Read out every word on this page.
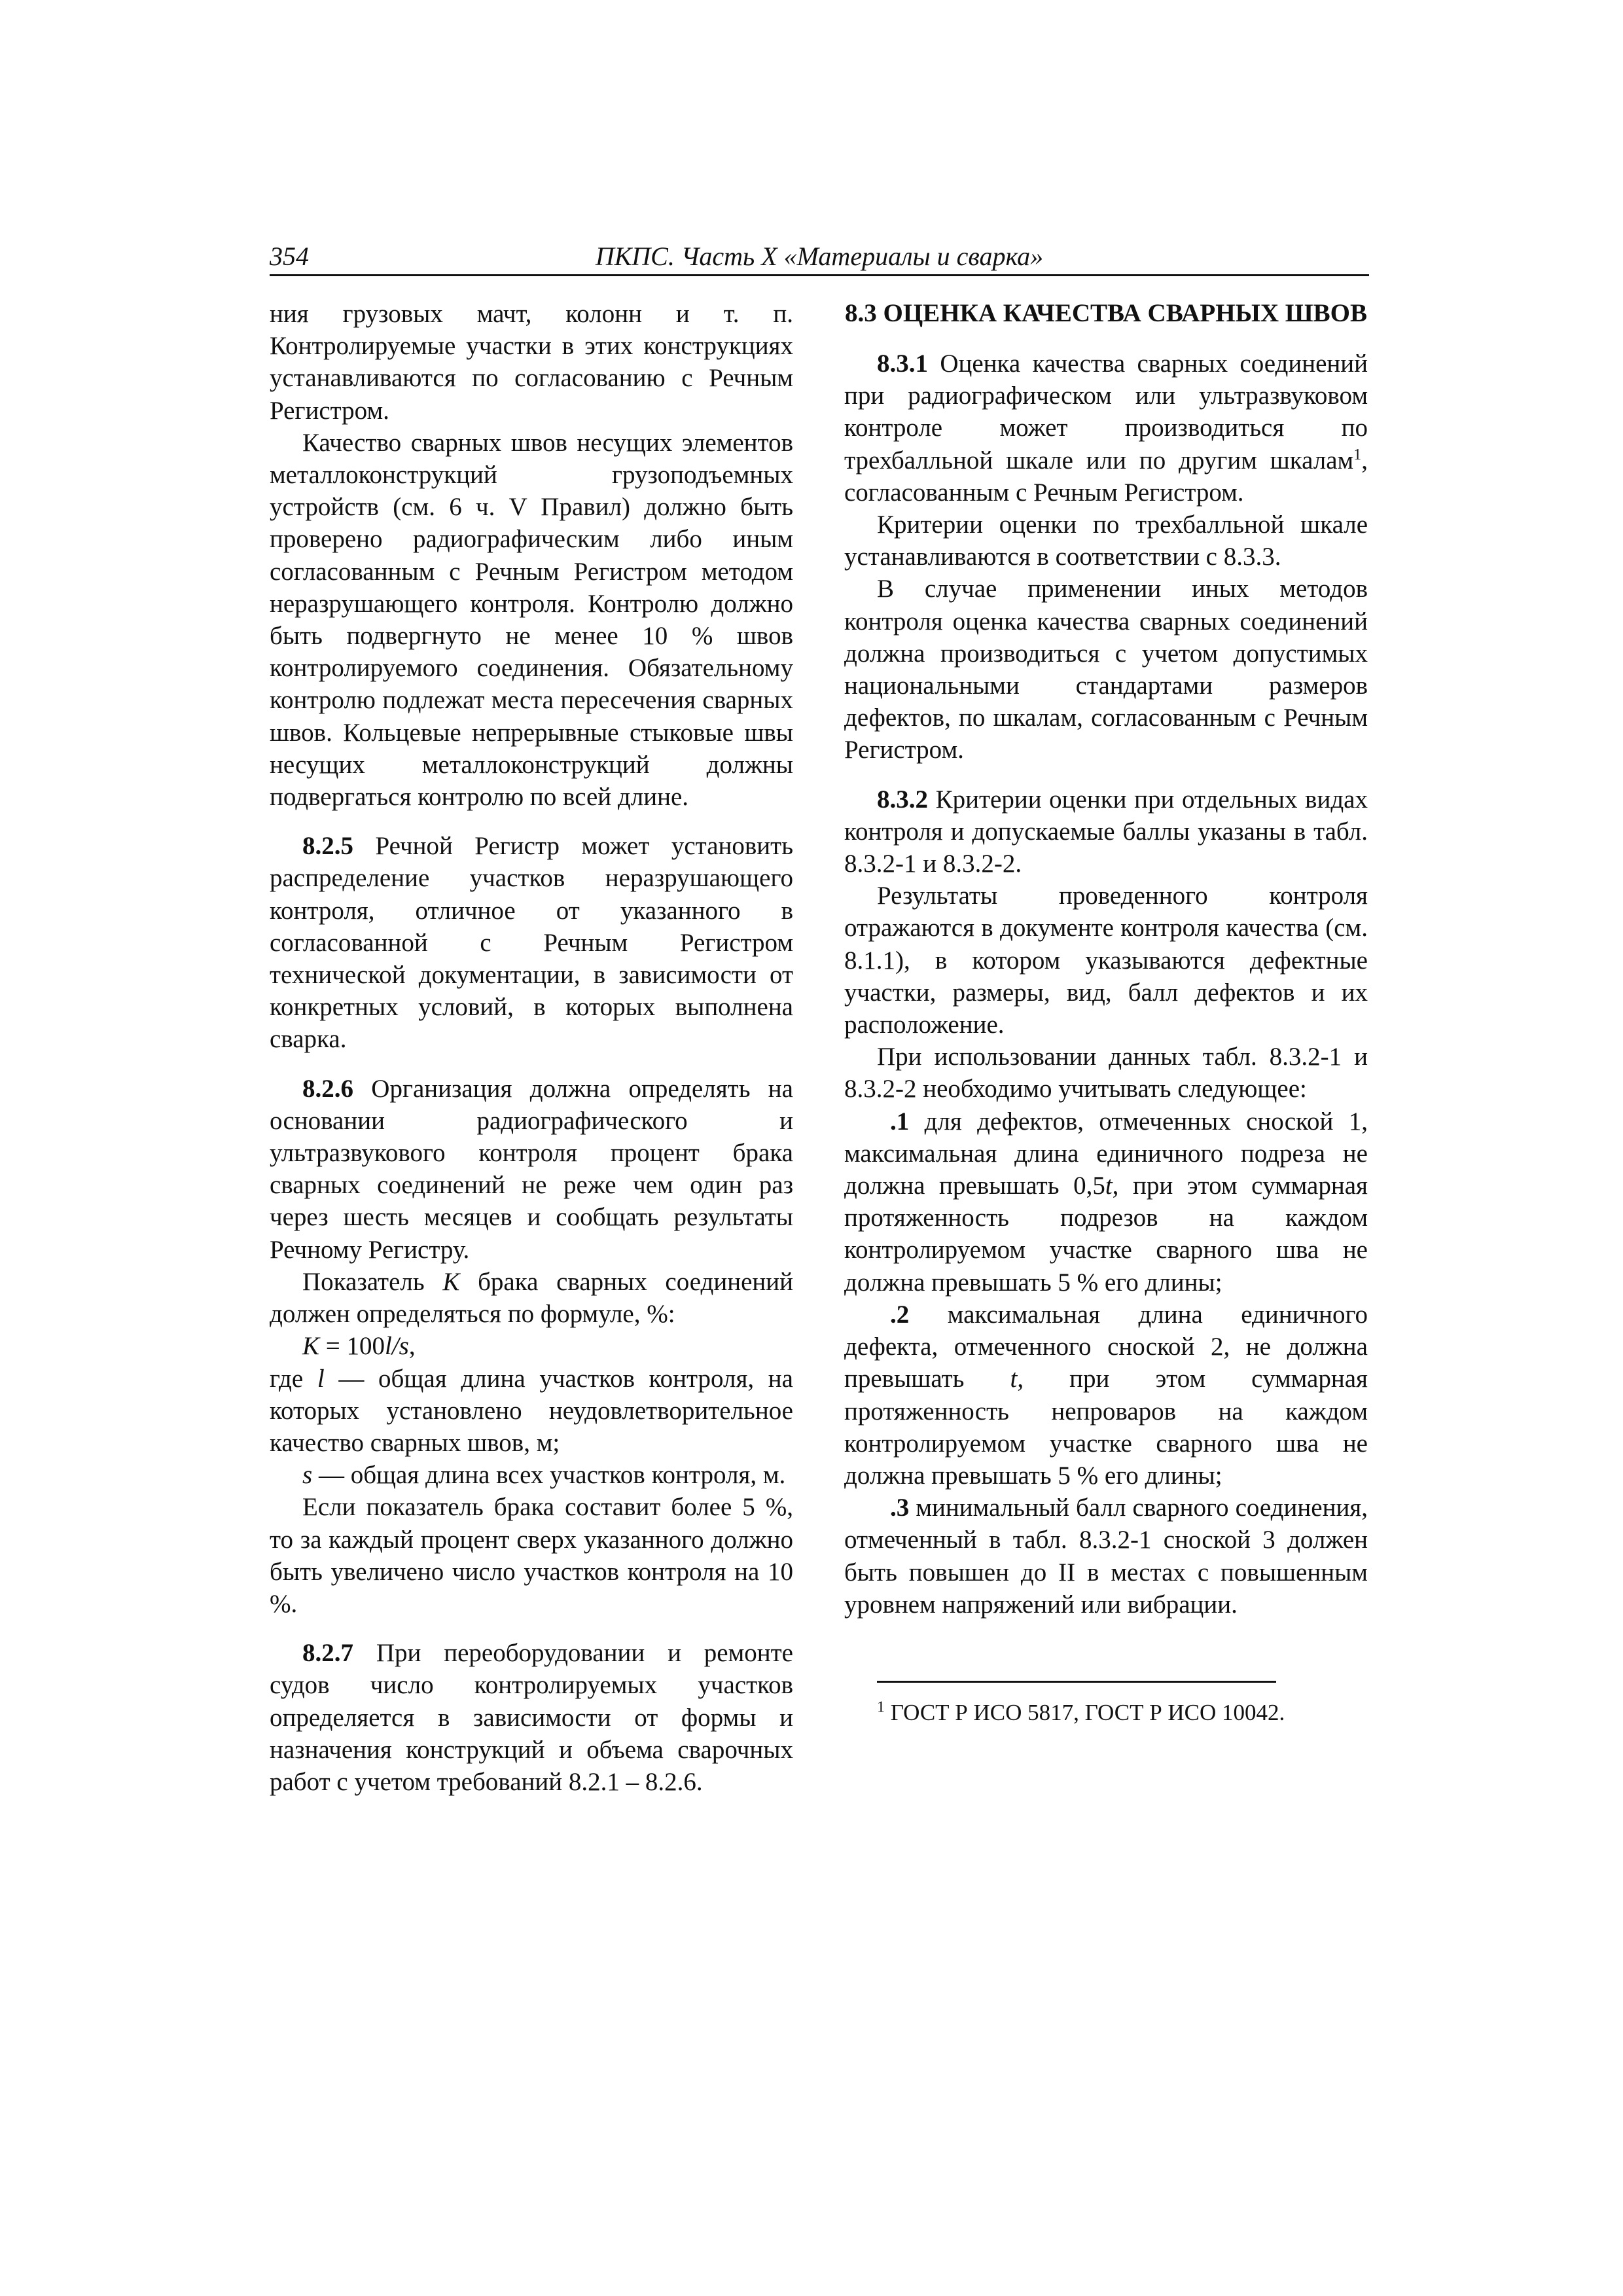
354	ПКПС. Часть X «Материалы и сварка»

ния грузовых мачт, колонн и т. п. Контролируемые участки в этих конструкциях устанавливаются по согласованию с Речным Регистром.

Качество сварных швов несущих элементов металлоконструкций грузоподъемных устройств (см. 6 ч. V Правил) должно быть проверено радиографическим либо иным согласованным с Речным Регистром методом неразрушающего контроля. Контролю должно быть подвергнуто не менее 10 % швов контролируемого соединения. Обязательному контролю подлежат места пересечения сварных швов. Кольцевые непрерывные стыковые швы несущих металлоконструкций должны подвергаться контролю по всей длине.

8.2.5 Речной Регистр может установить распределение участков неразрушающего контроля, отличное от указанного в согласованной с Речным Регистром технической документации, в зависимости от конкретных условий, в которых выполнена сварка.

8.2.6 Организация должна определять на основании радиографического и ультразвукового контроля процент брака сварных соединений не реже чем один раз через шесть месяцев и сообщать результаты Речному Регистру.

Показатель K брака сварных соединений должен определяться по формуле, %:

K = 100l/s,

где l — общая длина участков контроля, на которых установлено неудовлетворительное качество сварных швов, м;

s — общая длина всех участков контроля, м.

Если показатель брака составит более 5 %, то за каждый процент сверх указанного должно быть увеличено число участков контроля на 10 %.

8.2.7 При переоборудовании и ремонте судов число контролируемых участков определяется в зависимости от формы и назначения конструкций и объема сварочных работ с учетом требований 8.2.1 – 8.2.6.

8.3 ОЦЕНКА КАЧЕСТВА СВАРНЫХ ШВОВ

8.3.1 Оценка качества сварных соединений при радиографическом или ультразвуковом контроле может производиться по трехбалльной шкале или по другим шкалам$^1$, согласованным с Речным Регистром.

Критерии оценки по трехбалльной шкале устанавливаются в соответствии с 8.3.3.

В случае применении иных методов контроля оценка качества сварных соединений должна производиться с учетом допустимых национальными стандартами размеров дефектов, по шкалам, согласованным с Речным Регистром.

8.3.2 Критерии оценки при отдельных видах контроля и допускаемые баллы указаны в табл. 8.3.2-1 и 8.3.2-2.

Результаты проведенного контроля отражаются в документе контроля качества (см. 8.1.1), в котором указываются дефектные участки, размеры, вид, балл дефектов и их расположение.

При использовании данных табл. 8.3.2-1 и 8.3.2-2 необходимо учитывать следующее:

.1 для дефектов, отмеченных сноской 1, максимальная длина единичного подреза не должна превышать 0,5t, при этом суммарная протяженность подрезов на каждом контролируемом участке сварного шва не должна превышать 5 % его длины;

.2 максимальная длина единичного дефекта, отмеченного сноской 2, не должна превышать t, при этом суммарная протяженность непроваров на каждом контролируемом участке сварного шва не должна превышать 5 % его длины;

.3 минимальный балл сварного соединения, отмеченный в табл. 8.3.2-1 сноской 3 должен быть повышен до II в местах с повышенным уровнем напряжений или вибрации.

$^1$ ГОСТ Р ИСО 5817, ГОСТ Р ИСО 10042.
